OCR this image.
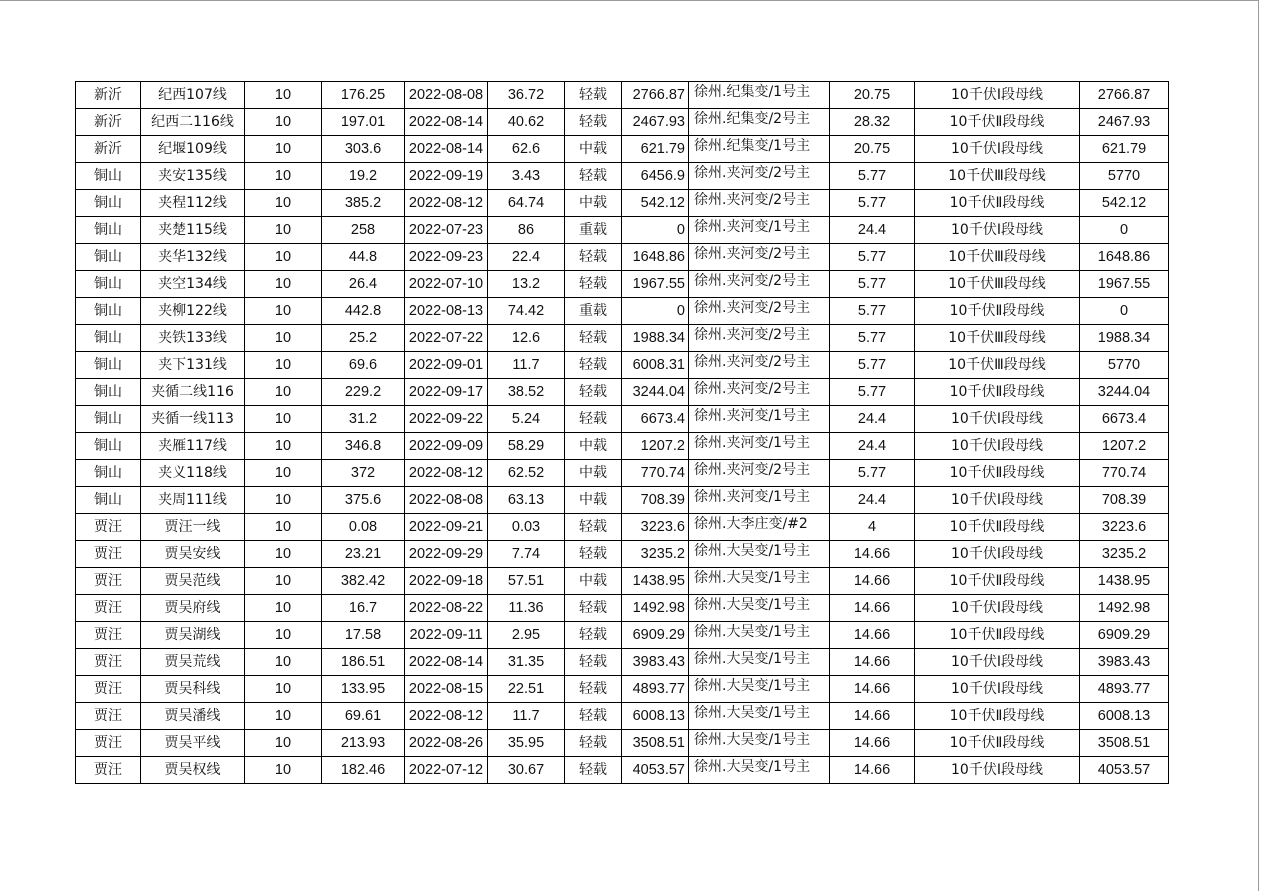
新沂	纪西107线	10	176.25	2022-08-08	36.72	轻载	2766.87	徐州.纪集变/1号主	20.75	10千伏Ⅰ段母线	2766.87
新沂	纪西二116线	10	197.01	2022-08-14	40.62	轻载	2467.93	徐州.纪集变/2号主	28.32	10千伏Ⅱ段母线	2467.93
新沂	纪堰109线	10	303.6	2022-08-14	62.6	中载	621.79	徐州.纪集变/1号主	20.75	10千伏Ⅰ段母线	621.79
铜山	夹安135线	10	19.2	2022-09-19	3.43	轻载	6456.9	徐州.夹河变/2号主	5.77	10千伏Ⅲ段母线	5770
铜山	夹程112线	10	385.2	2022-08-12	64.74	中载	542.12	徐州.夹河变/2号主	5.77	10千伏Ⅱ段母线	542.12
铜山	夹楚115线	10	258	2022-07-23	86	重载	0	徐州.夹河变/1号主	24.4	10千伏Ⅰ段母线	0
铜山	夹华132线	10	44.8	2022-09-23	22.4	轻载	1648.86	徐州.夹河变/2号主	5.77	10千伏Ⅲ段母线	1648.86
铜山	夹空134线	10	26.4	2022-07-10	13.2	轻载	1967.55	徐州.夹河变/2号主	5.77	10千伏Ⅲ段母线	1967.55
铜山	夹柳122线	10	442.8	2022-08-13	74.42	重载	0	徐州.夹河变/2号主	5.77	10千伏Ⅱ段母线	0
铜山	夹铁133线	10	25.2	2022-07-22	12.6	轻载	1988.34	徐州.夹河变/2号主	5.77	10千伏Ⅲ段母线	1988.34
铜山	夹下131线	10	69.6	2022-09-01	11.7	轻载	6008.31	徐州.夹河变/2号主	5.77	10千伏Ⅲ段母线	5770
铜山	夹循二线116	10	229.2	2022-09-17	38.52	轻载	3244.04	徐州.夹河变/2号主	5.77	10千伏Ⅱ段母线	3244.04
铜山	夹循一线113	10	31.2	2022-09-22	5.24	轻载	6673.4	徐州.夹河变/1号主	24.4	10千伏Ⅰ段母线	6673.4
铜山	夹雁117线	10	346.8	2022-09-09	58.29	中载	1207.2	徐州.夹河变/1号主	24.4	10千伏Ⅰ段母线	1207.2
铜山	夹义118线	10	372	2022-08-12	62.52	中载	770.74	徐州.夹河变/2号主	5.77	10千伏Ⅱ段母线	770.74
铜山	夹周111线	10	375.6	2022-08-08	63.13	中载	708.39	徐州.夹河变/1号主	24.4	10千伏Ⅰ段母线	708.39
贾汪	贾汪一线	10	0.08	2022-09-21	0.03	轻载	3223.6	徐州.大李庄变/#2	4	10千伏Ⅱ段母线	3223.6
贾汪	贾吴安线	10	23.21	2022-09-29	7.74	轻载	3235.2	徐州.大吴变/1号主	14.66	10千伏Ⅰ段母线	3235.2
贾汪	贾吴范线	10	382.42	2022-09-18	57.51	中载	1438.95	徐州.大吴变/1号主	14.66	10千伏Ⅱ段母线	1438.95
贾汪	贾吴府线	10	16.7	2022-08-22	11.36	轻载	1492.98	徐州.大吴变/1号主	14.66	10千伏Ⅰ段母线	1492.98
贾汪	贾吴湖线	10	17.58	2022-09-11	2.95	轻载	6909.29	徐州.大吴变/1号主	14.66	10千伏Ⅱ段母线	6909.29
贾汪	贾吴荒线	10	186.51	2022-08-14	31.35	轻载	3983.43	徐州.大吴变/1号主	14.66	10千伏Ⅰ段母线	3983.43
贾汪	贾吴科线	10	133.95	2022-08-15	22.51	轻载	4893.77	徐州.大吴变/1号主	14.66	10千伏Ⅰ段母线	4893.77
贾汪	贾吴潘线	10	69.61	2022-08-12	11.7	轻载	6008.13	徐州.大吴变/1号主	14.66	10千伏Ⅱ段母线	6008.13
贾汪	贾吴平线	10	213.93	2022-08-26	35.95	轻载	3508.51	徐州.大吴变/1号主	14.66	10千伏Ⅱ段母线	3508.51
贾汪	贾吴权线	10	182.46	2022-07-12	30.67	轻载	4053.57	徐州.大吴变/1号主	14.66	10千伏Ⅰ段母线	4053.57
